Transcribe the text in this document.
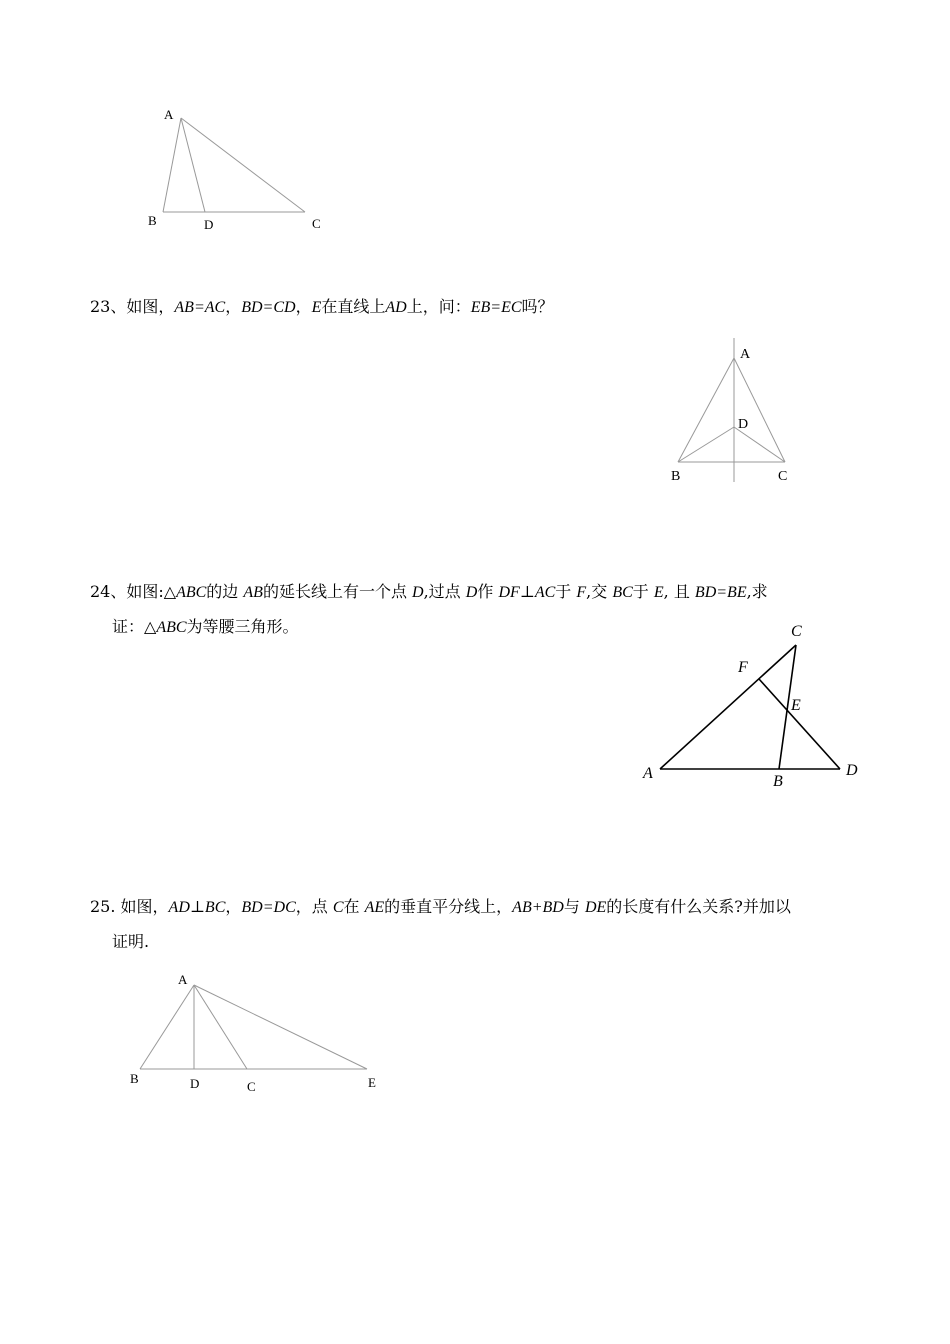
A
B	D	C

23、如图，AB=AC，BD=CD，E在直线上AD上，问：EB=EC吗？

A
D
B	C

24、如图:△ABC的边 AB的延长线上有一个点 D,过点 D作 DF⊥AC于 F,交 BC于 E, 且 BD=BE,求
证：△ABC为等腰三角形。	C
F
E
A	B
D

25. 如图，AD⊥BC，BD=DC，点 C在 AE的垂直平分线上，AB+BD与 DE的长度有什么关系?并加以
证明.

A
B	D	C	E
